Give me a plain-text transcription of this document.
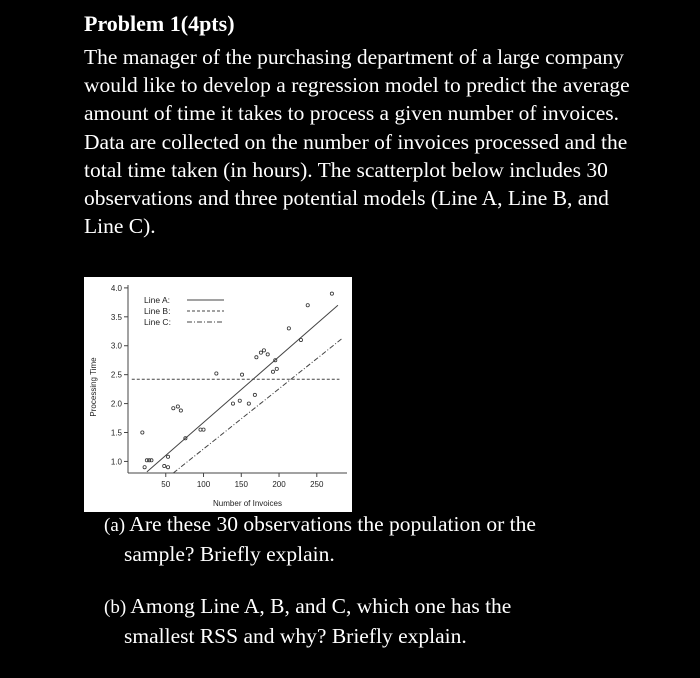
Problem 1(4pts)
The manager of the purchasing department of a large company would like to develop a regression model to predict the average amount of time it takes to process a given number of invoices. Data are collected on the number of invoices processed and the total time taken (in hours). The scatterplot below includes 30 observations and three potential models (Line A, Line B, and Line C).
1.0
1.5
2.0
2.5
3.0
3.5
4.0
50	100	150	200	250
Number of Invoices
Processing Time
Line A:
Line B:
Line C:
(a) Are these 30 observations the population or the
sample? Briefly explain.
(b) Among Line A, B, and C, which one has the
smallest RSS and why? Briefly explain.
